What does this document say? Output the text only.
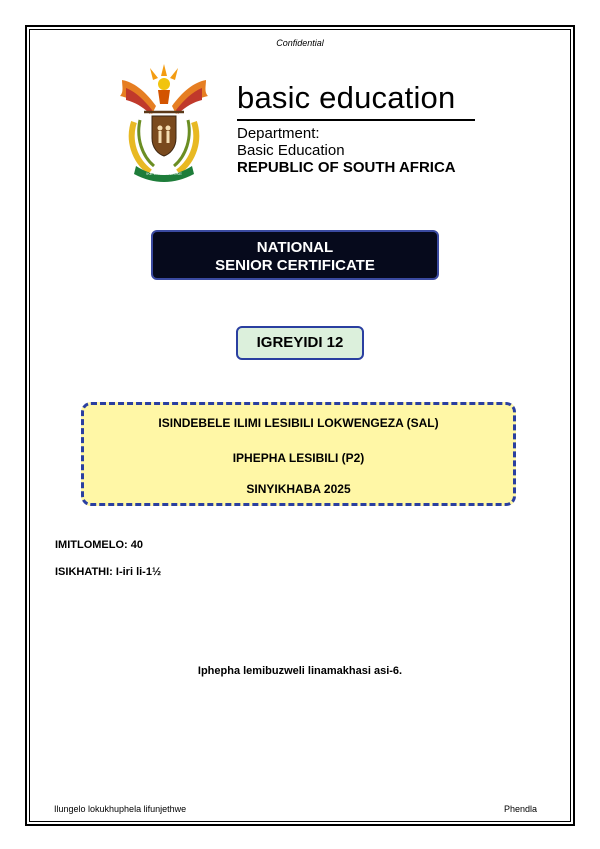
Confidential
!KE E: /XARRA //KE
basic education
Department:
Basic Education
REPUBLIC OF SOUTH AFRICA
NATIONAL
SENIOR CERTIFICATE
IGREYIDI 12
ISINDEBELE ILIMI LESIBILI LOKWENGEZA (SAL)
IPHEPHA LESIBILI (P2)
SINYIKHABA 2025
IMITLOMELO: 40
ISIKHATHI: I-iri li-1½
Iphepha lemibuzweli linamakhasi asi-6.
Ilungelo lokukhuphela lifunjethwe	Phendla
